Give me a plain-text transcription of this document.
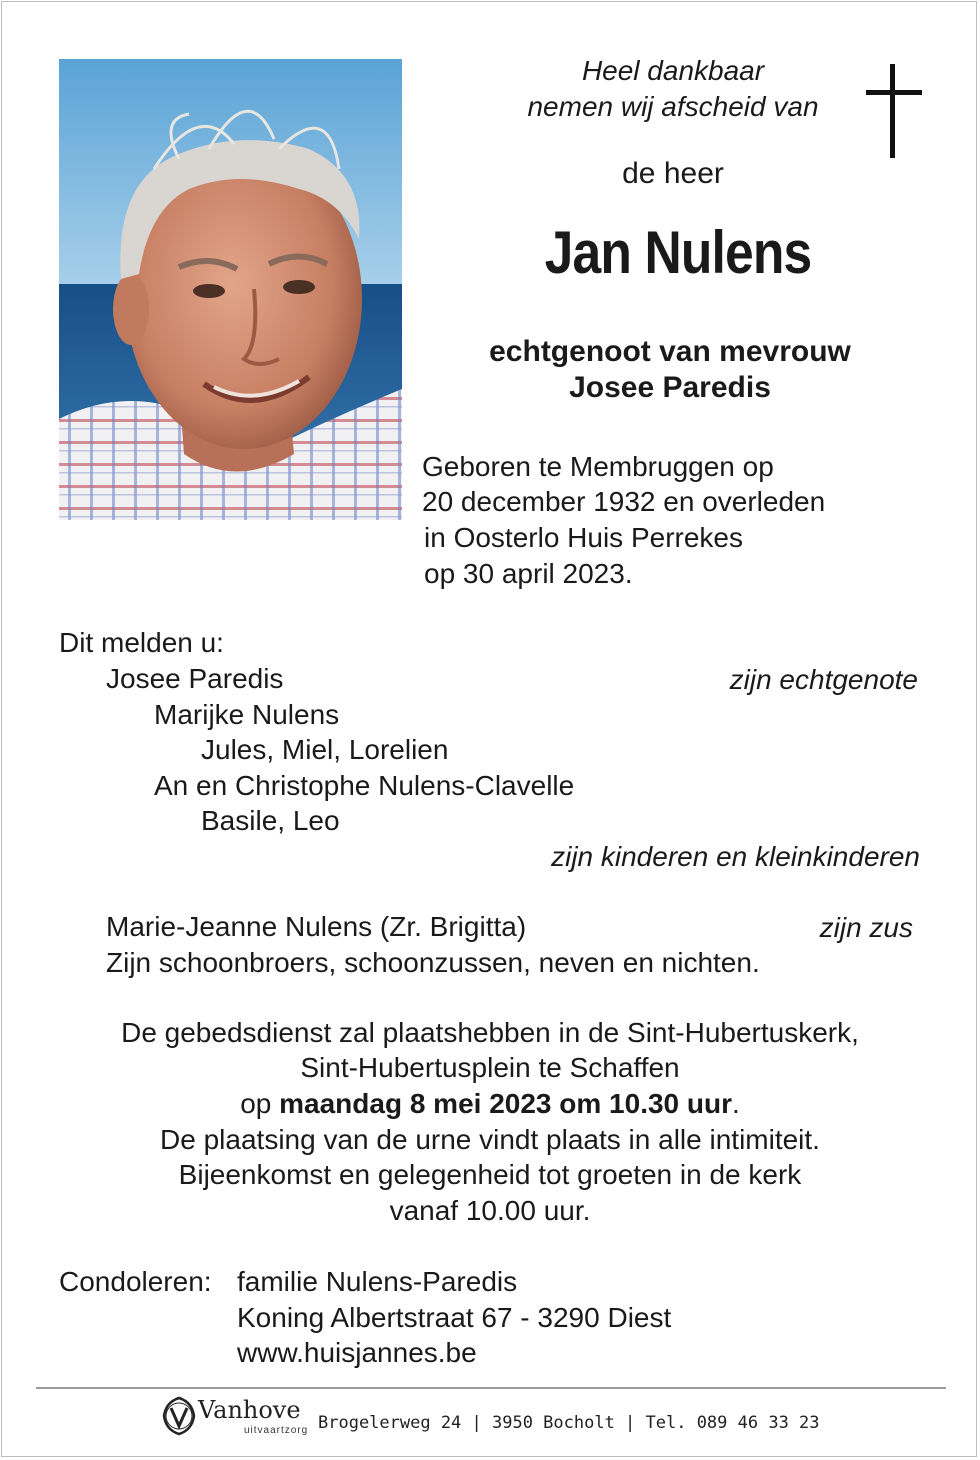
Heel dankbaar
nemen wij afscheid van
de heer
Jan Nulens
echtgenoot van mevrouw
Josee Paredis
Geboren te Membruggen op
20 december 1932 en overleden
in Oosterlo Huis Perrekes
op 30 april 2023.
Dit melden u:
Josee Paredis	zijn echtgenote
Marijke Nulens
Jules, Miel, Lorelien
An en Christophe Nulens-Clavelle
Basile, Leo
zijn kinderen en kleinkinderen
Marie-Jeanne Nulens (Zr. Brigitta)	zijn zus
Zijn schoonbroers, schoonzussen, neven en nichten.
De gebedsdienst zal plaatshebben in de Sint-Hubertuskerk,
Sint-Hubertusplein te Schaffen
op maandag 8 mei 2023 om 10.30 uur.
De plaatsing van de urne vindt plaats in alle intimiteit.
Bijeenkomst en gelegenheid tot groeten in de kerk
vanaf 10.00 uur.
Condoleren: familie Nulens-Paredis
Koning Albertstraat 67 - 3290 Diest
www.huisjannes.be
Vanhove
uitvaartzorg Brogelerweg 24 | 3950 Bocholt | Tel. 089 46 33 23
